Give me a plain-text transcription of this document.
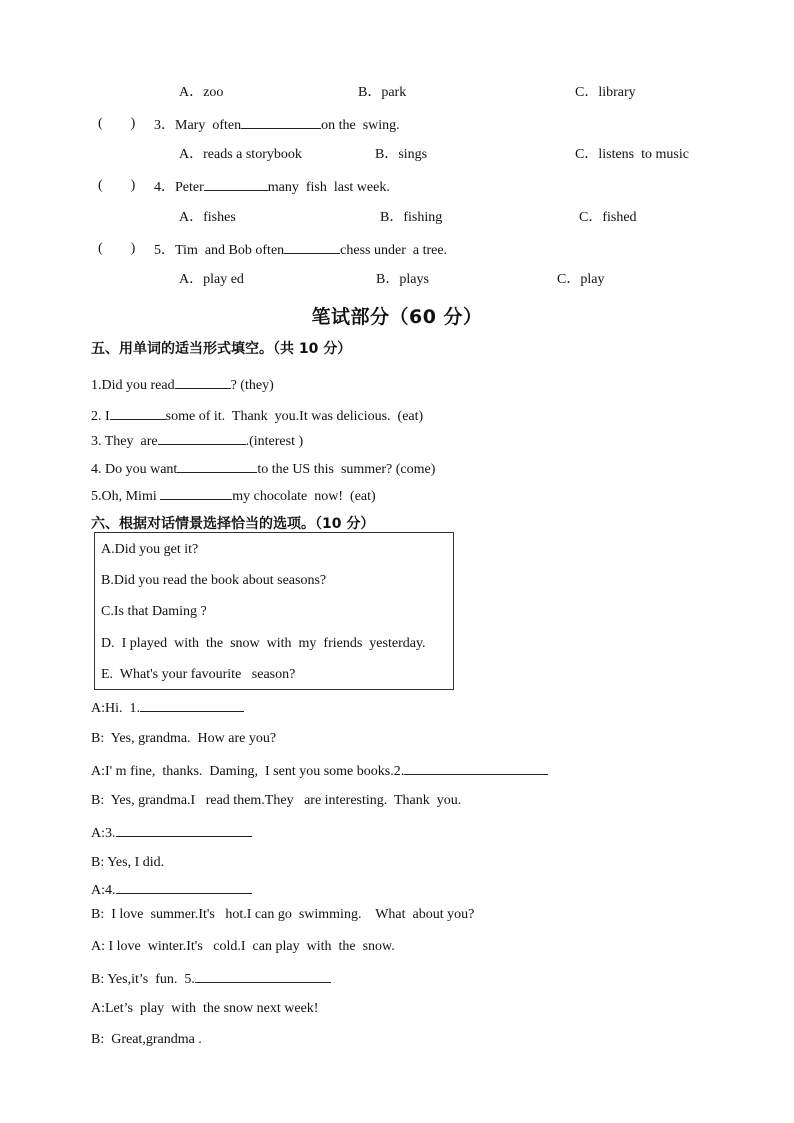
A．zoo	B．park	C．library
(　　) 3．Mary  often	on the  swing.
A．reads a storybook	B．sings	C．listens  to music
(　　) 4．Peter	many  fish  last week.
A．fishes	B．fishing	C．fished
(　　) 5．Tim  and Bob often	chess under  a tree.
A．play ed	B．plays	C．play
笔试部分（60 分）
五、用单词的适当形式填空。（共 10 分）
1.Did you read	? (they)
2. I	some of it.  Thank  you.It was delicious.  (eat)
3. They  are	.(interest )
4. Do you want	to the US this  summer? (come)
5.Oh, Mimi	my chocolate  now!  (eat)
六、根据对话情景选择恰当的选项。（10 分）
A.Did you get it?
B.Did you read the book about seasons?
C.Is that Daming ?
D.  I played  with  the  snow  with  my  friends  yesterday.
E.  What's your favourite   season?
A:Hi.  1.
B:  Yes, grandma.  How are you?
A:I' m fine,  thanks.  Daming,  I sent you some books.2.
B:  Yes, grandma.I   read them.They   are interesting.  Thank  you.
A:3.
B: Yes, I did.
A:4.
B:  I love  summer.It's   hot.I can go  swimming.    What  about you?
A: I love  winter.It's   cold.I  can play  with  the  snow.
B: Yes,it’s  fun.  5.
A:Let’s  play  with  the snow next week!
B:  Great,grandma .
